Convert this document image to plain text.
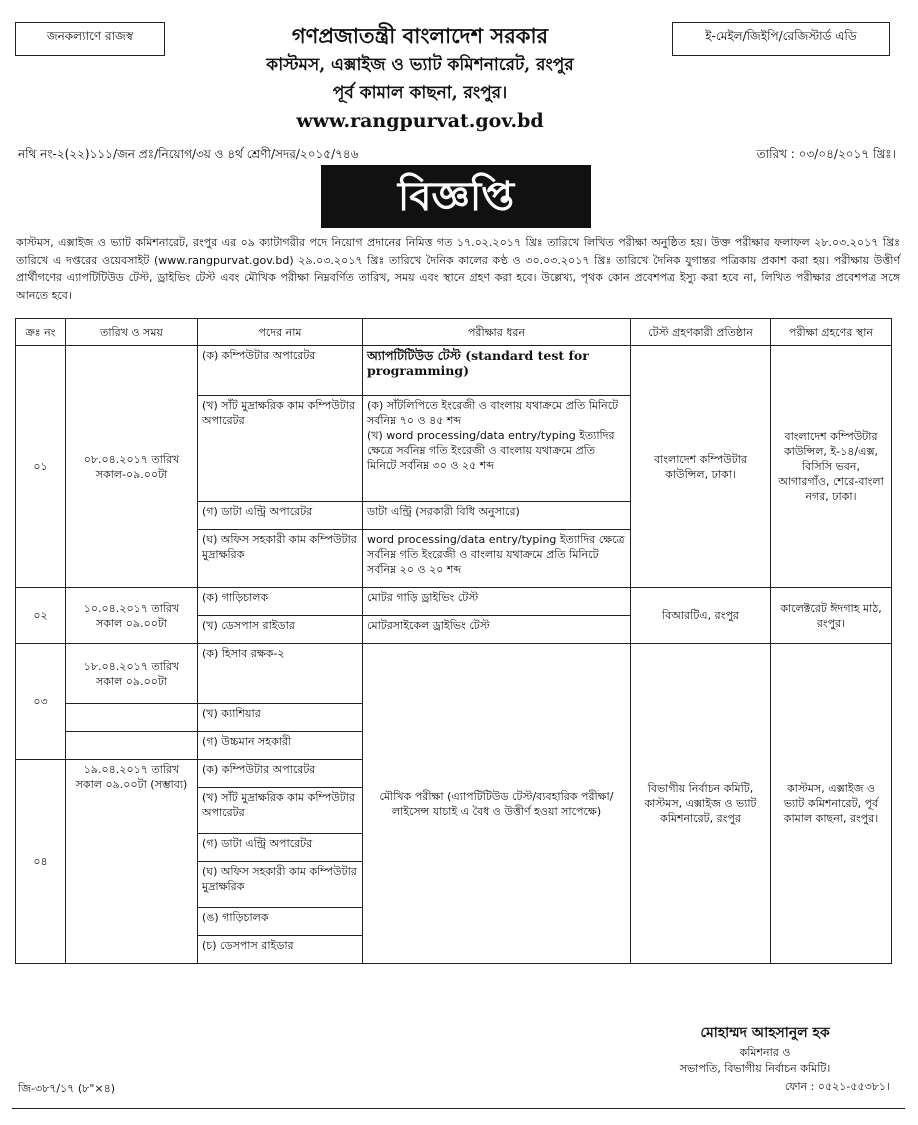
জনকল্যাণে রাজস্ব	ই-মেইল/জিইপি/রেজিস্টার্ড এডি
গণপ্রজাতন্ত্রী বাংলাদেশ সরকার
কাস্টমস, এক্সাইজ ও ভ্যাট কমিশনারেট, রংপুর
পূর্ব কামাল কাছনা, রংপুর।
www.rangpurvat.gov.bd
নথি নং-২(২২)১১১/জন প্রঃ/নিয়োগ/৩য় ও ৪র্থ শ্রেণী/সদর/২০১৫/৭৪৬	তারিখ : ০৩/০৪/২০১৭ খ্রিঃ।
বিজ্ঞপ্তি
কাস্টমস, এক্সাইজ ও ভ্যাট কমিশনারেট, রংপুর এর ০৯ ক্যাটাগরীর পদে নিয়োগ প্রদানের নিমিত্ত গত ১৭.০২.২০১৭ খ্রিঃ তারিখে লিখিত পরীক্ষা অনুষ্ঠিত হয়। উক্ত পরীক্ষার ফলাফল ২৮.০৩.২০১৭ খ্রিঃ তারিখে এ দপ্তরের ওয়েবসাইট (www.rangpurvat.gov.bd) ২৯.০৩.২০১৭ খ্রিঃ তারিখে দৈনিক কালের কণ্ঠ ও ৩০.০৩.২০১৭ খ্রিঃ তারিখে দৈনিক যুগান্তর পত্রিকায় প্রকাশ করা হয়। পরীক্ষায় উত্তীর্ণ প্রার্থীগণের এ্যাপটিটিউড টেস্ট, ড্রাইভিং টেস্ট এবং মৌখিক পরীক্ষা নিম্নবর্ণিত তারিখ, সময় এবং স্থানে গ্রহণ করা হবে। উল্লেখ্য, পৃথক কোন প্রবেশপত্র ইস্যু করা হবে না, লিখিত পরীক্ষার প্রবেশপত্র সঙ্গে আনতে হবে।
ক্রঃ নং	তারিখ ও সময়	পদের নাম	পরীক্ষার ধরন	টেস্ট গ্রহণকারী প্রতিষ্ঠান	পরীক্ষা গ্রহণের স্থান
০১	০৮.০৪.২০১৭ তারিখ সকাল-০৯.০০টা	(ক) কম্পিউটার অপারেটর	অ্যাপটিটিউড টেস্ট (standard test for programming)	বাংলাদেশ কম্পিউটার কাউন্সিল, ঢাকা।	বাংলাদেশ কম্পিউটার কাউন্সিল, ই-১৪/এক্স, বিসিসি ভবন, আগারগাঁও, শেরে-বাংলা নগর, ঢাকা।
		(খ) সাঁট মুদ্রাক্ষরিক কাম কম্পিউটার অপারেটর	(ক) সাঁটলিপিতে ইংরেজী ও বাংলায় যথাক্রমে প্রতি মিনিটে সর্বনিম্ন ৭০ ও ৪৫ শব্দ
(খ) word processing/data entry/typing ইত্যাদির ক্ষেত্রে সর্বনিম্ন গতি ইংরেজী ও বাংলায় যথাক্রমে প্রতি মিনিটে সর্বনিম্ন ৩০ ও ২৫ শব্দ		

		(গ) ডাটা এন্ট্রি অপারেটর	ডাটা এন্ট্রি (সরকারী বিধি অনুসারে)		
		(ঘ) অফিস সহকারী কাম কম্পিউটার মুদ্রাক্ষরিক	word processing/data entry/typing ইত্যাদির ক্ষেত্রে সর্বনিম্ন গতি ইংরেজী ও বাংলায় যথাক্রমে প্রতি মিনিটে সর্বনিম্ন ২০ ও ২০ শব্দ		
০২	১০.০৪.২০১৭ তারিখ সকাল ০৯.০০টা	(ক) গাড়িচালক	মোটর গাড়ি ড্রাইভিং টেস্ট	বিআরটিএ, রংপুর	কালেক্টরেট ঈদগাহ মাঠ, রংপুর।
		(খ) ডেসপাস রাইডার	মোটরসাইকেল ড্রাইভিং টেস্ট		
০৩	১৮.০৪.২০১৭ তারিখ সকাল ০৯.০০টা	(ক) হিসাব রক্ষক-২	মৌখিক পরীক্ষা (এ্যাপটিটিউড টেস্ট/ব্যবহারিক পরীক্ষা/লাইসেন্স যাচাই এ বৈধ ও উত্তীর্ণ হওয়া সাপেক্ষে)	বিভাগীয় নির্বাচন কমিটি, কাস্টমস, এক্সাইজ ও ভ্যাট কমিশনারেট, রংপুর	কাস্টমস, এক্সাইজ ও ভ্যাট কমিশনারেট, পূর্ব কামাল কাছনা, রংপুর।
		(খ) ক্যাশিয়ার			
		(গ) উচ্চমান সহকারী			
০৪	১৯.০৪.২০১৭ তারিখ সকাল ০৯.০০টা (সম্ভাব্য)	(ক) কম্পিউটার অপারেটর			
		(খ) সাঁট মুদ্রাক্ষরিক কাম কম্পিউটার অপারেটর			
		(গ) ডাটা এন্ট্রি অপারেটর			
		(ঘ) অফিস সহকারী কাম কম্পিউটার মুদ্রাক্ষরিক			
		(ঙ) গাড়িচালক			
		(চ) ডেসপাস রাইডার			
মোহাম্মদ আহসানুল হক
কমিশনার ও
সভাপতি, বিভাগীয় নির্বাচন কমিটি।
ফোন : ০৫২১-৫৫৩৮১।
জি-৩৮৭/১৭ (৮"×৪)
